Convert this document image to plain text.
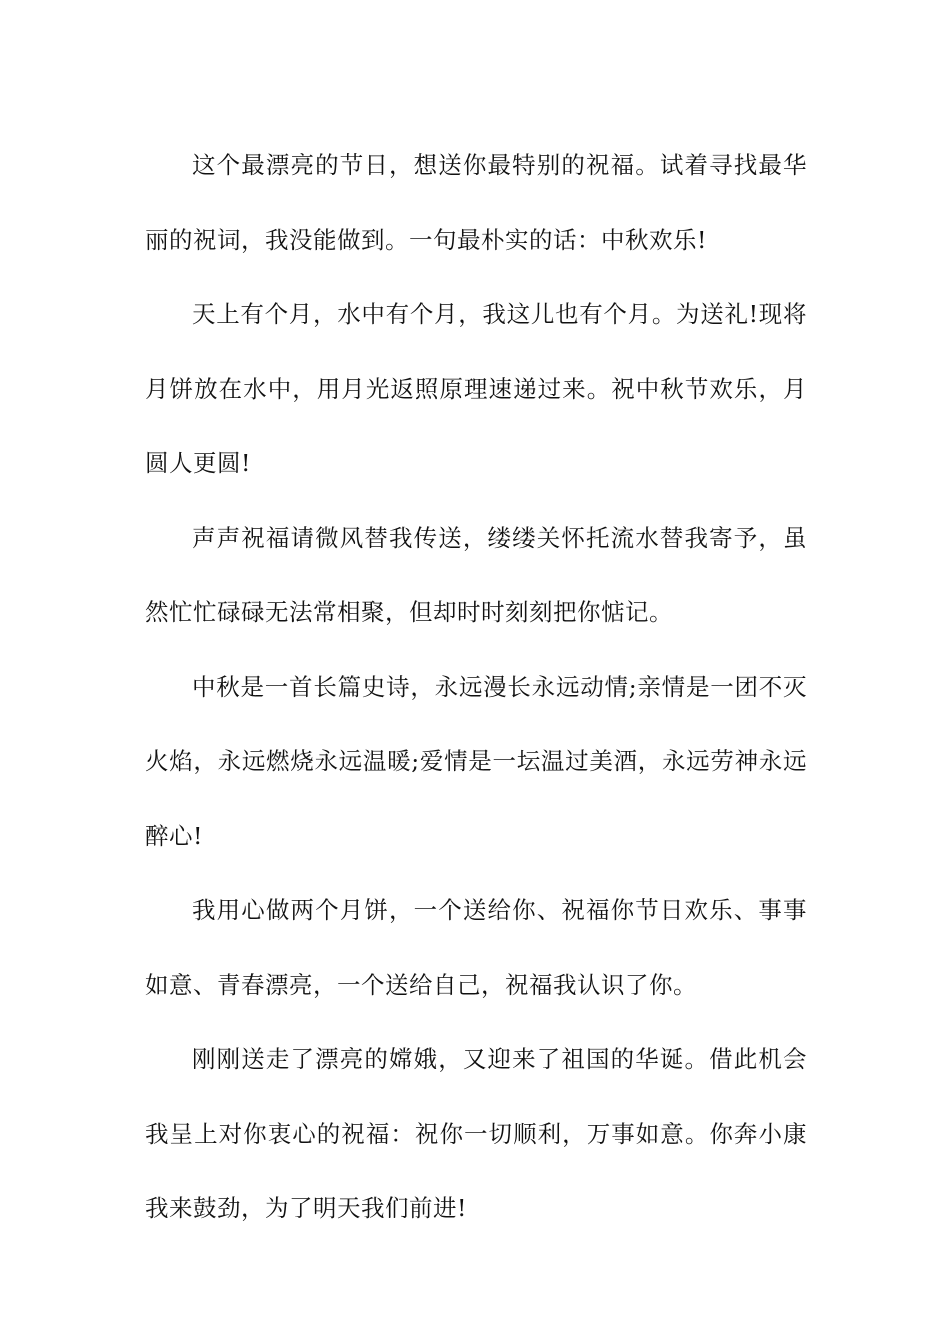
这个最漂亮的节日，想送你最特别的祝福。试着寻找最华丽的祝词，我没能做到。一句最朴实的话：中秋欢乐!

天上有个月，水中有个月，我这儿也有个月。为送礼!现将月饼放在水中，用月光返照原理速递过来。祝中秋节欢乐，月圆人更圆!

声声祝福请微风替我传送，缕缕关怀托流水替我寄予，虽然忙忙碌碌无法常相聚，但却时时刻刻把你惦记。

中秋是一首长篇史诗，永远漫长永远动情;亲情是一团不灭火焰，永远燃烧永远温暖;爱情是一坛温过美酒，永远劳神永远醉心!

我用心做两个月饼，一个送给你、祝福你节日欢乐、事事如意、青春漂亮，一个送给自己，祝福我认识了你。

刚刚送走了漂亮的嫦娥，又迎来了祖国的华诞。借此机会我呈上对你衷心的祝福：祝你一切顺利，万事如意。你奔小康我来鼓劲，为了明天我们前进!
